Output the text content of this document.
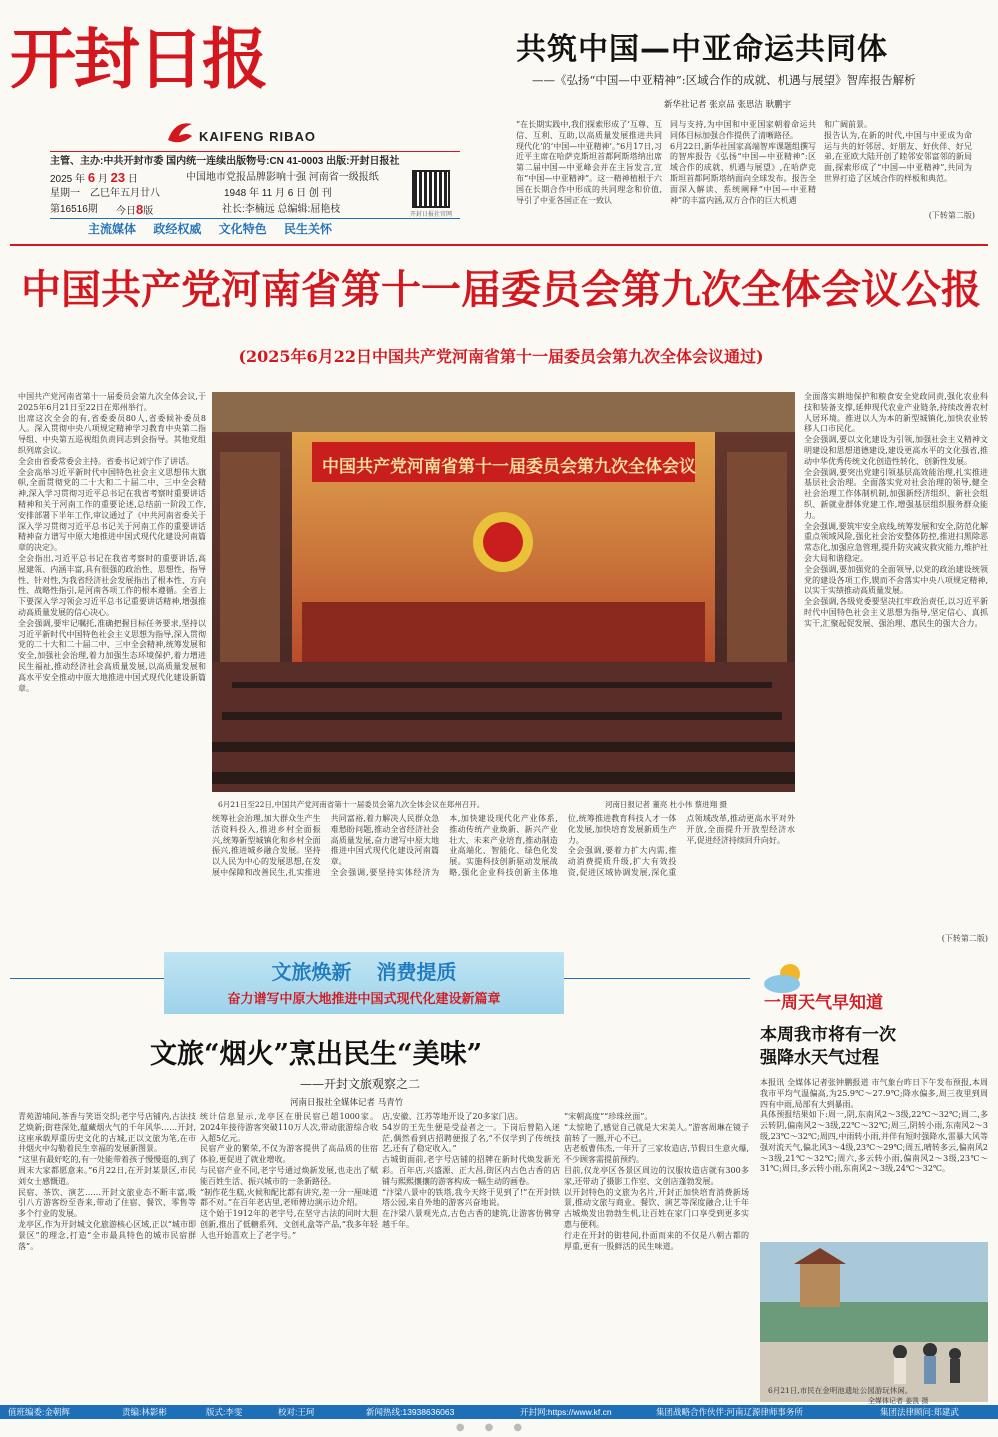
开封日报
KAIFENG RIBAO
主管、主办:中共开封市委 国内统一连续出版物号:CN 41-0003 出版:开封日报社
2025 年 6 月 23 日	中国地市党报品牌影响十强 河南省一级报纸
星期一 乙巳年五月廿八	1948 年 11 月 6 日 创 刊
第16516期 今日8版	社长:李楠远 总编辑:屈艳枝	开封日报社官网
主流媒体 政经权威 文化特色 民生关怀
共筑中国—中亚命运共同体
——《弘扬“中国—中亚精神”:区域合作的成就、机遇与展望》智库报告解析
新华社记者 张京品 张思洁 耿鹏宇
“在长期实践中,我们探索形成了‘互尊、互信、互利、互助,以高质量发展推进共同现代化’的‘中国—中亚精神’。”6月17日,习近平主席在哈萨克斯坦首都阿斯塔纳出席第二届中国—中亚峰会并在主旨发言,宣布“中国—中亚精神”。这一精神植根于六国在长期合作中形成的共同理念和价值,导引了中亚各国正在一致认
同与支持,为中国和中亚国家朝着命运共同体目标加强合作提供了清晰路径。
6月22日,新华社国家高端智库课题组撰写的智库报告《弘扬“中国—中亚精神”:区域合作的成就、机遇与展望》,在哈萨克斯坦首都阿斯塔纳面向全球发布。报告全面深入解读、系统阐释“中国—中亚精神”的丰富内涵,双方合作的巨大机遇
和广阔前景。
报告认为,在新的时代,中国与中亚成为命运与共的好邻居、好朋友、好伙伴、好兄弟,在亚欧大陆开创了睦邻安邻富邻的新局面,探索形成了“中国—中亚精神”,共同为世界打造了区域合作的样板和典范。
(下转第二版)
中国共产党河南省第十一届委员会第九次全体会议公报
(2025年6月22日中国共产党河南省第十一届委员会第九次全体会议通过)
中国共产党河南省第十一届委员会第九次全体会议,于2025年6月21日至22日在郑州举行。
出席这次全会的有,省委委员80人,省委候补委员8人。深入贯彻中央八项规定精神学习教育中央第二指导组、中央第五巡视组负责同志到会指导。其他党组织列席会议。
全会由省委常委会主持。省委书记刘宁作了讲话。
全会高举习近平新时代中国特色社会主义思想伟大旗帜,全面贯彻党的二十大和二十届二中、三中全会精神,深入学习贯彻习近平总书记在我省考察时重要讲话精神和关于河南工作的重要论述,总结前一阶段工作,安排部署下半年工作,审议通过了《中共河南省委关于深入学习贯彻习近平总书记关于河南工作的重要讲话精神奋力谱写中原大地推进中国式现代化建设河南篇章的决定》。
全会指出,习近平总书记在我省考察时的重要讲话,高屋建瓴、内涵丰富,具有很强的政治性、思想性、指导性、针对性,为我省经济社会发展指出了根本性、方向性、战略性指引,是河南各项工作的根本遵循。全省上下要深入学习领会习近平总书记重要讲话精神,增强推动高质量发展的信心决心。
全会强调,要牢记嘱托,准确把握目标任务要求,坚持以习近平新时代中国特色社会主义思想为指导,深入贯彻党的二十大和二十届二中、三中全会精神,统筹发展和安全,加强社会治理,着力加强生态环境保护,着力增进民生福祉,推动经济社会高质量发展,以高质量发展和高水平安全推动中原大地推进中国式现代化建设新篇章。
中国共产党河南省第十一届委员会第九次全体会议
6月21日至22日,中国共产党河南省第十一届委员会第九次全体会议在郑州召开。	河南日报记者 董亮 杜小伟 蔡进翔 摄
统筹社会治理,加大群众生产生活资料投入,推进乡村全面振兴,统筹新型城镇化和乡村全面振兴,推进城乡融合发展。坚持以人民为中心的发展思想,在发展中保障和改善民生,扎实推进共同富裕,着力解决人民群众急难愁盼问题,推动全省经济社会高质量发展,奋力谱写中原大地推进中国式现代化建设河南篇章。
全会强调,要坚持实体经济为本,加快建设现代化产业体系,推动传统产业焕新、新兴产业壮大、未来产业培育,推动制造业高端化、智能化、绿色化发展。实施科技创新驱动发展战略,强化企业科技创新主体地位,统筹推进教育科技人才一体化发展,加快培育发展新质生产力。
全会强调,要着力扩大内需,推动消费提质升级,扩大有效投资,促进区域协调发展,深化重点领域改革,推动更高水平对外开放,全面提升开放型经济水平,促进经济持续回升向好。
全面落实耕地保护和粮食安全党政同责,强化农业科技和装备支撑,延伸现代农业产业链条,持续改善农村人居环境。推进以人为本的新型城镇化,加快农业转移人口市民化。
全会强调,要以文化建设为引领,加强社会主义精神文明建设和思想道德建设,建设更高水平的文化强省,推动中华优秀传统文化创造性转化、创新性发展。
全会强调,要突出党建引领基层高效能治理,扎实推进基层社会治理。全面落实党对社会治理的领导,健全社会治理工作体制机制,加强新经济组织、新社会组织、新就业群体党建工作,增强基层组织服务群众能力。
全会强调,要筑牢安全底线,统筹发展和安全,防范化解重点领域风险,强化社会治安整体防控,推进扫黑除恶常态化,加强应急管理,提升防灾减灾救灾能力,维护社会大局和谐稳定。
全会强调,要加强党的全面领导,以党的政治建设统领党的建设各项工作,锲而不舍落实中央八项规定精神,以实干实绩推动高质量发展。
全会强调,各级党委要坚决扛牢政治责任,以习近平新时代中国特色社会主义思想为指导,坚定信心、真抓实干,汇聚起促发展、强治理、惠民生的强大合力。
(下转第二版)
文旅焕新 消费提质
奋力谱写中原大地推进中国式现代化建设新篇章
文旅“烟火”烹出民生“美味”
——开封文旅观察之二
河南日报社全媒体记者 马青竹
青苑游埔间,茶香与笑语交织;老字号店铺内,古法技艺焕新;街巷深处,蕴藏烟火气的千年风华……开封,这座承载厚重历史文化的古城,正以文旅为笔,在市井烟火中勾勒着民生幸福的发展新图景。
“这里有最好吃的,有一处能带着孩子慢慢逛的,到了周末大家都愿意来。”6月22日,在开封某景区,市民刘女士感慨道。
民宿、茶饮、演艺……开封文旅业态不断丰富,吸引八方游客纷至沓来,带动了住宿、餐饮、零售等多个行业的发展。
龙亭区,作为开封城文化旅游核心区域,正以“城市即景区”的理念,打造“全市最具特色的城市民宿群落”。
统计信息显示,龙亭区在册民宿已超1000家。2024年接待游客突破110万人次,带动旅游综合收入超5亿元。
民宿产业的繁荣,不仅为游客提供了高品质的住宿体验,更促进了就业增收。
与民宿产业不同,老字号通过焕新发展,也走出了赋能百姓生活、振兴城市的一条新路径。
“制作花生糕,火候和配比都有讲究,差一分一厘味道都不对。”在百年老店里,老师傅边演示边介绍。
这个始于1912年的老字号,在坚守古法的同时大胆创新,推出了低糖系列、文创礼盒等产品,“我多年轻人也开始喜欢上了老字号。”
店,安徽、江苏等地开设了20多家门店。
54岁的王先生便是受益者之一。下岗后曾陷入迷茫,偶然看到店招聘便报了名,“不仅学到了传统技艺,还有了稳定收入。”
古城街面前,老字号店铺的招牌在新时代焕发新光彩。百年店,兴盛源、正大昌,街区内古色古香的店铺与熙熙攘攘的游客构成一幅生动的画卷。
“汴梁八景中的铁塔,我今天终于见到了!”在开封铁塔公园,来自外地的游客兴奋地说。
在汴梁八景观光点,古色古香的建筑,让游客仿佛穿越千年。
“宋朝高度”“珍珠丝面”。
“太惊艳了,感觉自己就是大宋美人。”游客周琳在镜子前转了一圈,开心不已。
店老板曹伟杰,一年开了三家妆造店,节假日生意火爆,不少顾客需提前预约。
目前,仅龙亭区各景区周边的汉服妆造店就有300多家,还带动了摄影工作室、文创店蓬勃发展。
以开封特色的文旅为名片,开封正加快培育消费新场景,推动文旅与商业、餐饮、演艺等深度融合,让千年古城焕发出勃勃生机,让百姓在家门口享受到更多实惠与便利。
行走在开封的街巷间,扑面而来的不仅是八朝古都的厚重,更有一股鲜活的民生味道。
一周天气早知道
本周我市将有一次
强降水天气过程
本报讯 全媒体记者张钟鹏报道 市气象台昨日下午发布预报,本周我市平均气温偏高,为25.9℃～27.9℃;降水偏多,周三夜里到周四有中雨,局部有大到暴雨。
具体预报结果如下:周一,阴,东南风2～3级,22℃～32℃;周二,多云转阴,偏南风2～3级,22℃～32℃;周三,阴转小雨,东南风2～3级,23℃～32℃;周四,中雨转小雨,并伴有短时强降水,雷暴大风等强对流天气,偏北风3～4级,23℃～29℃;周五,晴转多云,偏南风2～3级,21℃～32℃;周六,多云转小雨,偏南风2～3级,23℃～31℃;周日,多云转小雨,东南风2～3级,24℃～32℃。
6月21日,市民在金明池遗址公园游玩休闲。
全媒体记者 姜凯 摄
值班编委:金朝辉	责编:林影彬	版式:李雯	校对:王珂	新闻热线:13938636063	开封网:https://www.kf.cn	集团战略合作伙伴:河南辽源律师事务所	集团法律顾问:郑建武
●●●
